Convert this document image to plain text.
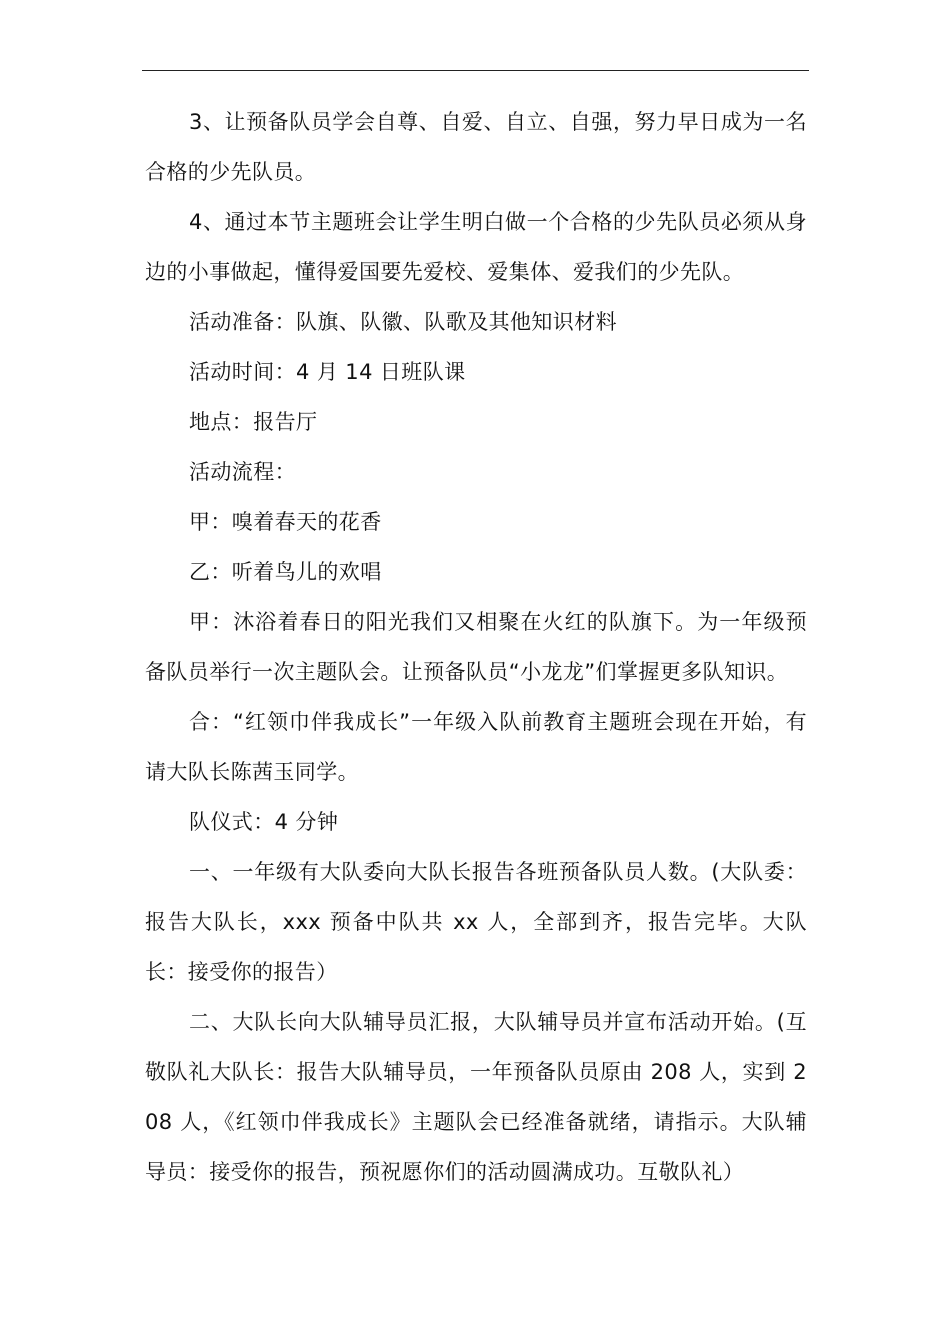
3、让预备队员学会自尊、自爱、自立、自强，努力早日成为一名合格的少先队员。

4、通过本节主题班会让学生明白做一个合格的少先队员必须从身边的小事做起，懂得爱国要先爱校、爱集体、爱我们的少先队。

活动准备：队旗、队徽、队歌及其他知识材料

活动时间：4 月 14 日班队课

地点：报告厅

活动流程：

甲：嗅着春天的花香

乙：听着鸟儿的欢唱

甲：沐浴着春日的阳光我们又相聚在火红的队旗下。为一年级预备队员举行一次主题队会。让预备队员“小龙龙”们掌握更多队知识。

合：“红领巾伴我成长”一年级入队前教育主题班会现在开始，有请大队长陈茜玉同学。

队仪式：4 分钟

一、一年级有大队委向大队长报告各班预备队员人数。(大队委：报告大队长，xxx 预备中队共 xx 人，全部到齐，报告完毕。大队长：接受你的报告）

二、大队长向大队辅导员汇报，大队辅导员并宣布活动开始。(互敬队礼大队长：报告大队辅导员，一年预备队员原由 208 人，实到 208 人，《红领巾伴我成长》主题队会已经准备就绪，请指示。大队辅导员：接受你的报告，预祝愿你们的活动圆满成功。互敬队礼）
